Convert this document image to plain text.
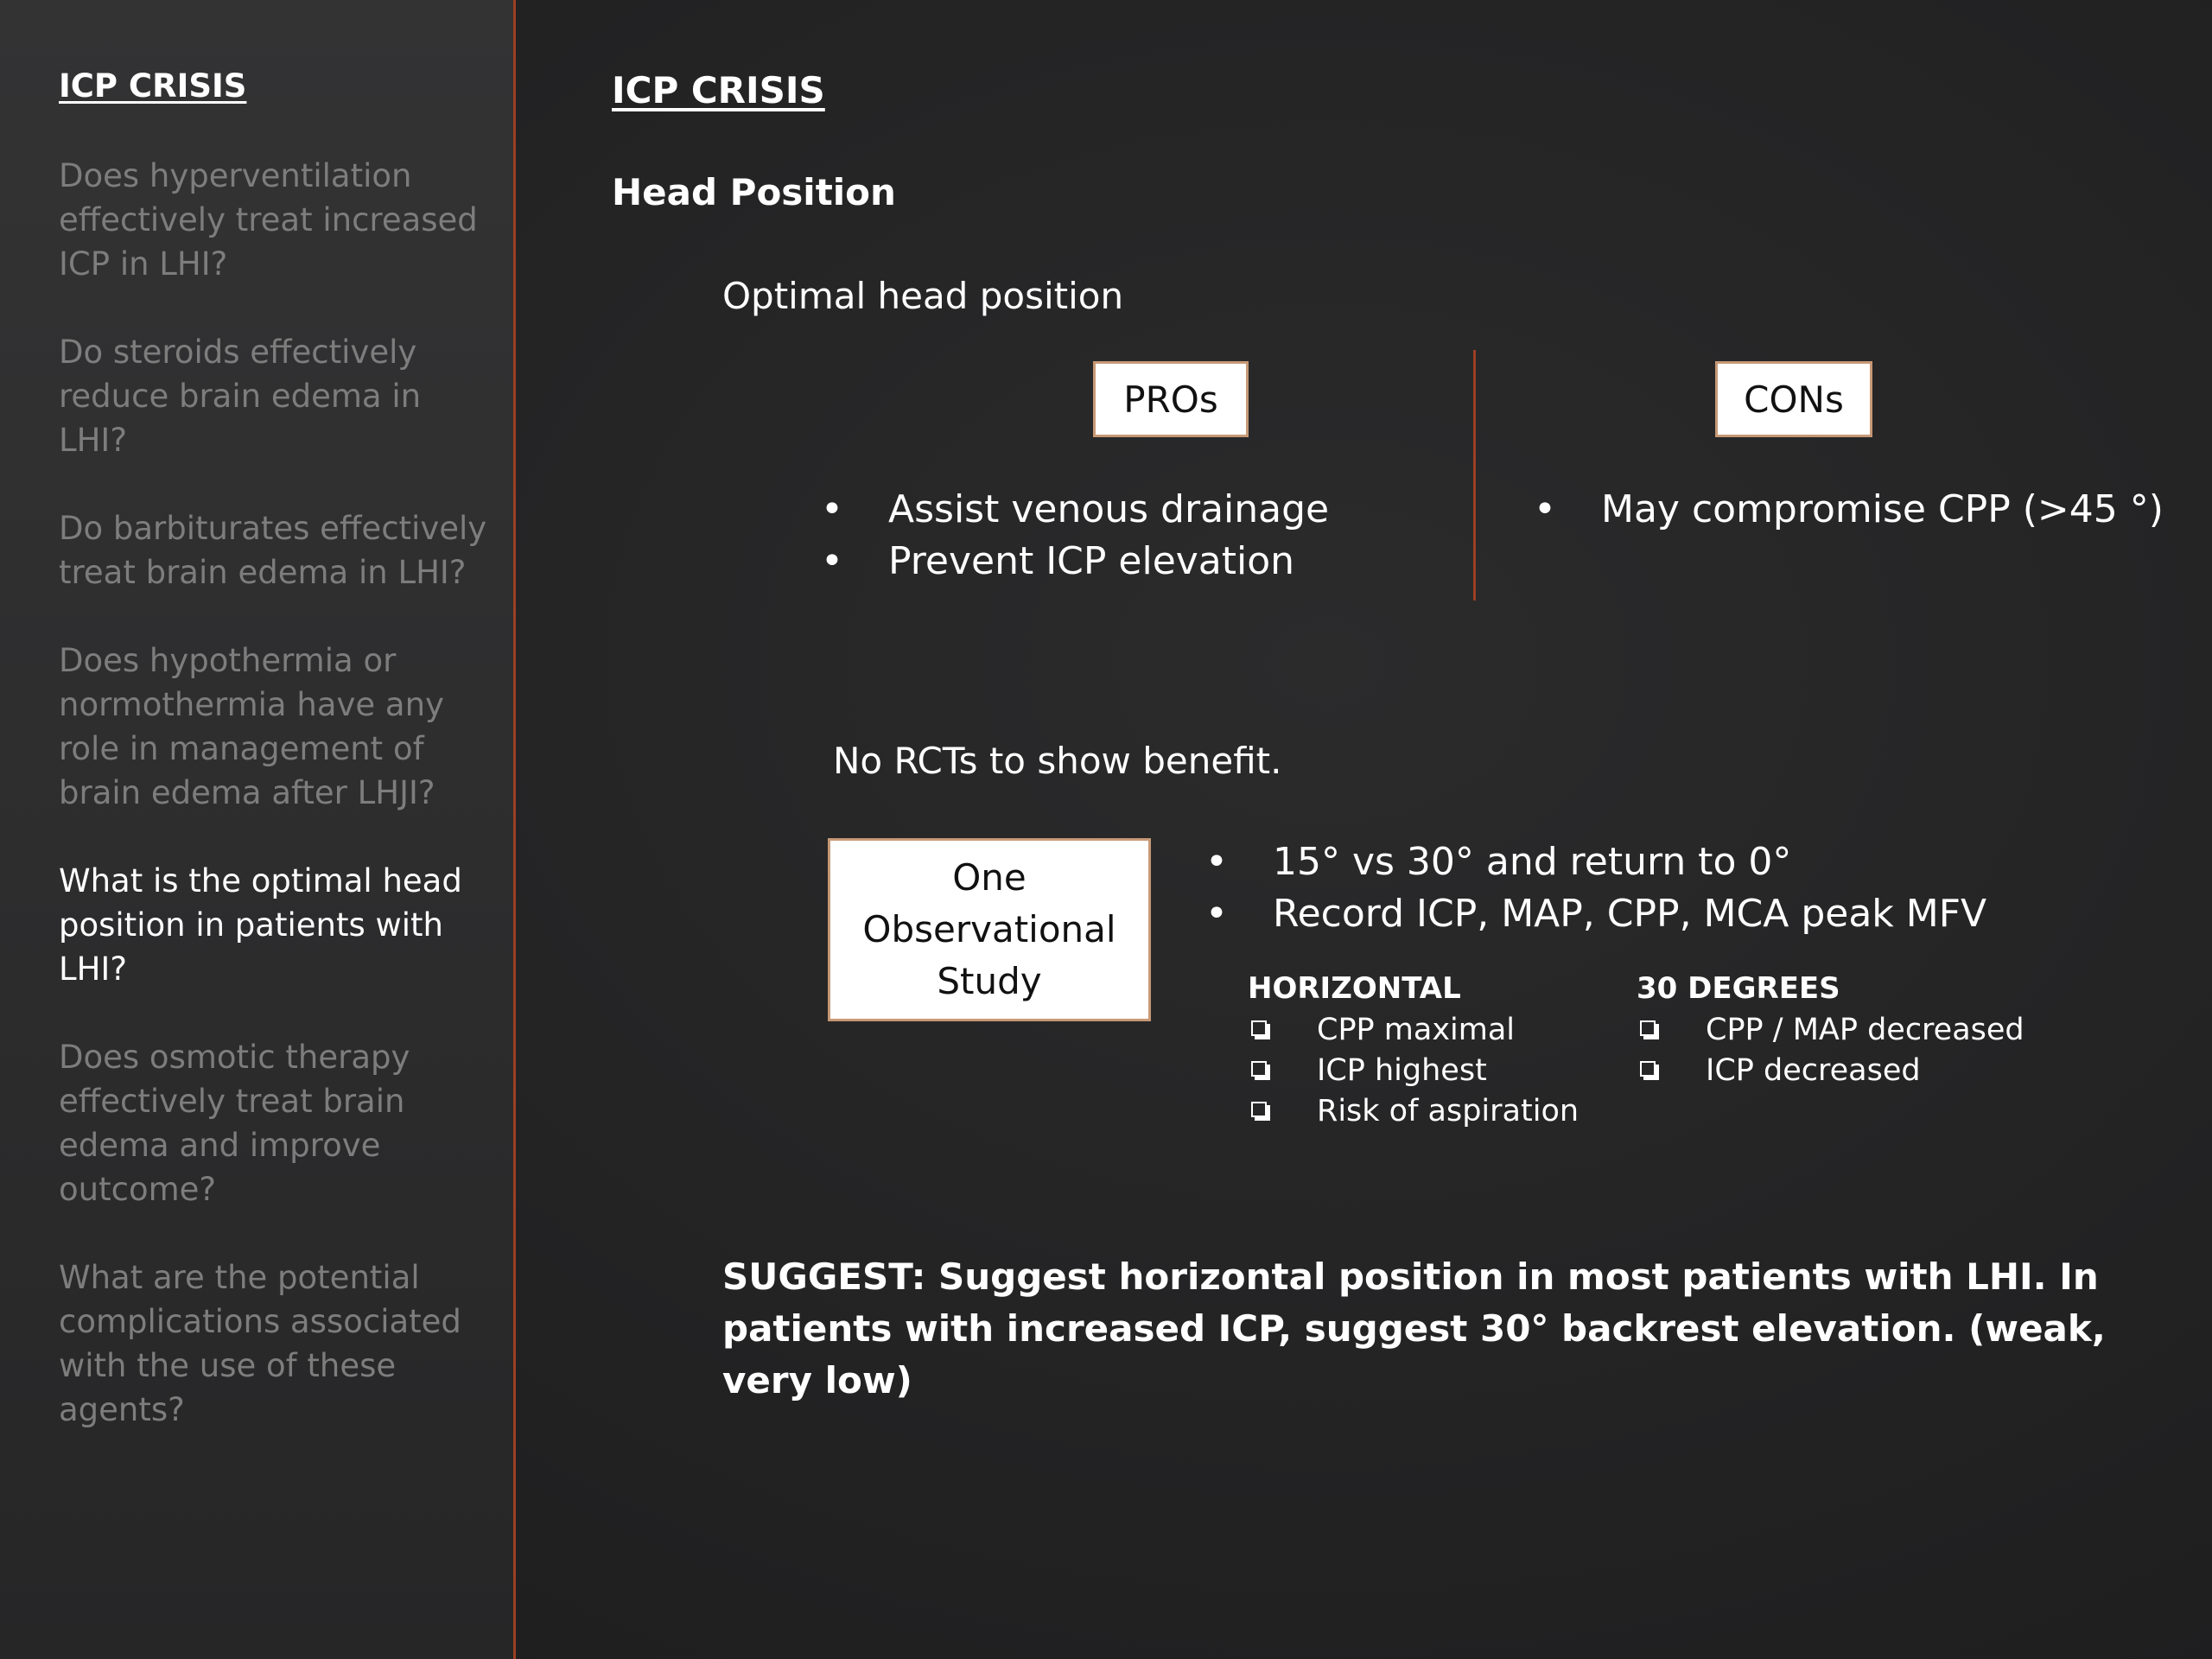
ICP CRISIS
Does hyperventilation effectively treat increased ICP in LHI?
Do steroids effectively reduce brain edema in LHI?
Do barbiturates effectively treat brain edema in LHI?
Does hypothermia or normothermia have any role in management of brain edema after LHJI?
What is the optimal head position in patients with LHI?
Does osmotic therapy effectively treat brain edema and improve outcome?
What are the potential complications associated with the use of these agents?
ICP CRISIS
Head Position
Optimal head position
PROs	CONs
• Assist venous drainage
• Prevent ICP elevation
• May compromise CPP (>45 °)
No RCTs to show benefit.
One
Observational
Study
• 15° vs 30° and return to 0°
• Record ICP, MAP, CPP, MCA peak MFV
HORIZONTAL
CPP maximal
ICP highest
Risk of aspiration
30 DEGREES
CPP / MAP decreased
ICP decreased
SUGGEST: Suggest horizontal position in most patients with LHI. In patients with increased ICP, suggest 30° backrest elevation. (weak, very low)
